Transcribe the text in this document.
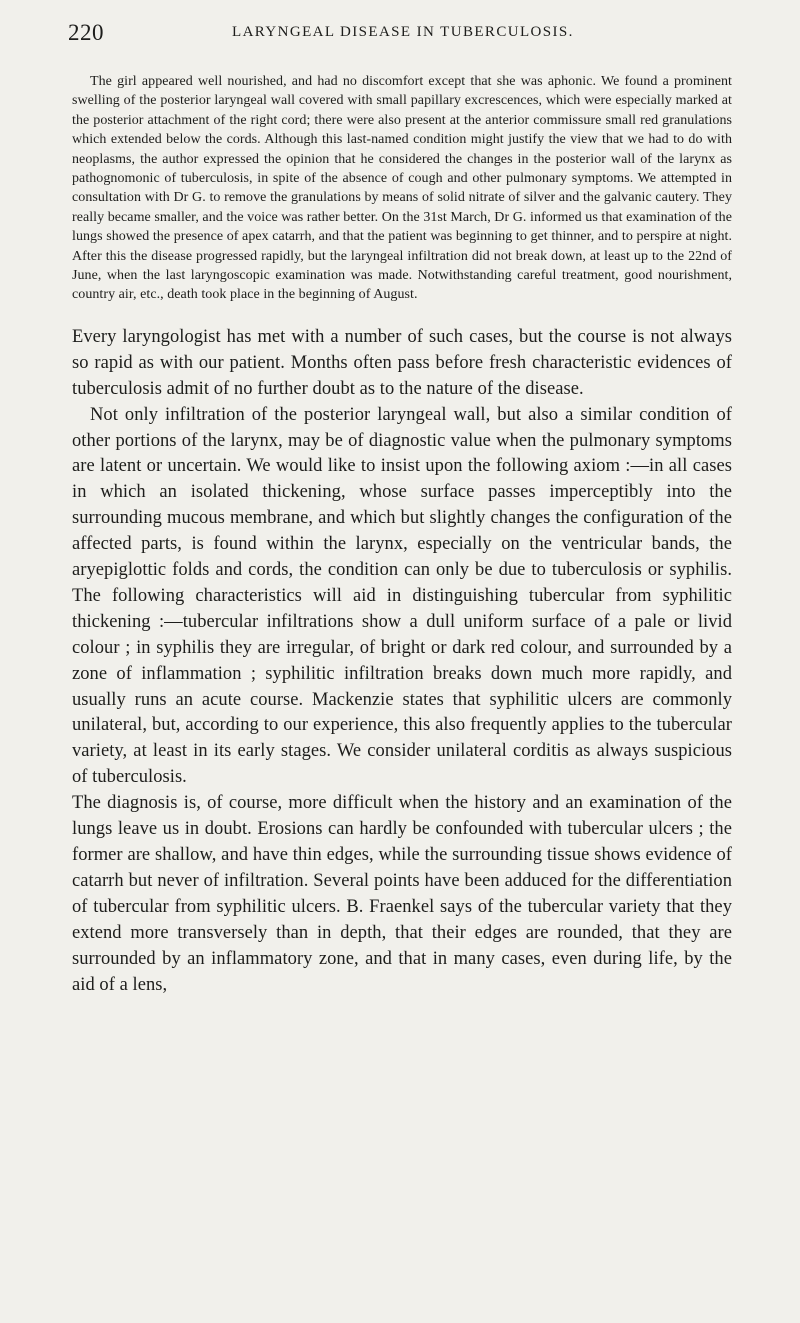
220	LARYNGEAL DISEASE IN TUBERCULOSIS.

The girl appeared well nourished, and had no discomfort except that she was aphonic. We found a prominent swelling of the posterior laryngeal wall covered with small papillary excrescences, which were especially marked at the posterior attachment of the right cord; there were also present at the anterior commissure small red granulations which extended below the cords. Although this last-named condition might justify the view that we had to do with neoplasms, the author expressed the opinion that he considered the changes in the posterior wall of the larynx as pathognomonic of tuberculosis, in spite of the absence of cough and other pulmonary symptoms. We attempted in consultation with Dr G. to remove the granulations by means of solid nitrate of silver and the galvanic cautery. They really became smaller, and the voice was rather better. On the 31st March, Dr G. informed us that examination of the lungs showed the presence of apex catarrh, and that the patient was beginning to get thinner, and to perspire at night. After this the disease progressed rapidly, but the laryngeal infiltration did not break down, at least up to the 22nd of June, when the last laryngoscopic examination was made. Notwithstanding careful treatment, good nourishment, country air, etc., death took place in the beginning of August.

Every laryngologist has met with a number of such cases, but the course is not always so rapid as with our patient. Months often pass before fresh characteristic evidences of tuberculosis admit of no further doubt as to the nature of the disease.

Not only infiltration of the posterior laryngeal wall, but also a similar condition of other portions of the larynx, may be of diagnostic value when the pulmonary symptoms are latent or uncertain. We would like to insist upon the following axiom :—in all cases in which an isolated thickening, whose surface passes imperceptibly into the surrounding mucous membrane, and which but slightly changes the configuration of the affected parts, is found within the larynx, especially on the ventricular bands, the aryepiglottic folds and cords, the condition can only be due to tuberculosis or syphilis. The following characteristics will aid in distinguishing tubercular from syphilitic thickening :—tubercular infiltrations show a dull uniform surface of a pale or livid colour ; in syphilis they are irregular, of bright or dark red colour, and surrounded by a zone of inflammation ; syphilitic infiltration breaks down much more rapidly, and usually runs an acute course. Mackenzie states that syphilitic ulcers are commonly unilateral, but, according to our experience, this also frequently applies to the tubercular variety, at least in its early stages. We consider unilateral corditis as always suspicious of tuberculosis.

The diagnosis is, of course, more difficult when the history and an examination of the lungs leave us in doubt. Erosions can hardly be confounded with tubercular ulcers ; the former are shallow, and have thin edges, while the surrounding tissue shows evidence of catarrh but never of infiltration. Several points have been adduced for the differentiation of tubercular from syphilitic ulcers. B. Fraenkel says of the tubercular variety that they extend more transversely than in depth, that their edges are rounded, that they are surrounded by an inflammatory zone, and that in many cases, even during life, by the aid of a lens,
